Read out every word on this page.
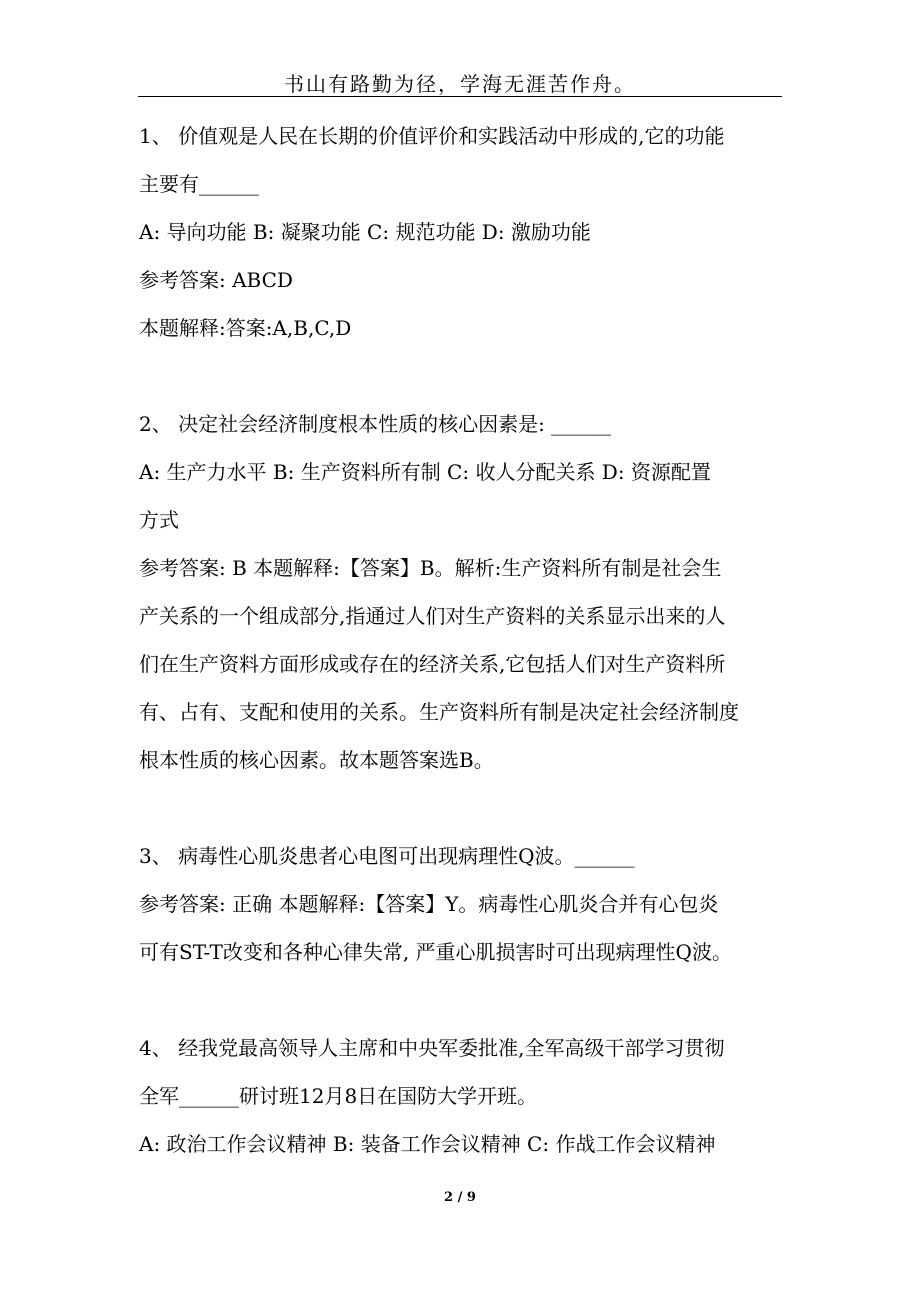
书山有路勤为径，学海无涯苦作舟。
1、 价值观是人民在长期的价值评价和实践活动中形成的,它的功能
主要有______
A: 导向功能 B: 凝聚功能 C: 规范功能 D: 激励功能
参考答案: ABCD
本题解释:答案:A,B,C,D
2、 决定社会经济制度根本性质的核心因素是: ______
A: 生产力水平 B: 生产资料所有制 C: 收人分配关系 D: 资源配置
方式
参考答案: B 本题解释:【答案】B。解析:生产资料所有制是社会生
产关系的一个组成部分,指通过人们对生产资料的关系显示出来的人
们在生产资料方面形成或存在的经济关系,它包括人们对生产资料所
有、占有、支配和使用的关系。生产资料所有制是决定社会经济制度
根本性质的核心因素。故本题答案选B。
3、 病毒性心肌炎患者心电图可出现病理性Q波。______
参考答案: 正确 本题解释:【答案】Y。病毒性心肌炎合并有心包炎
可有ST-T改变和各种心律失常, 严重心肌损害时可出现病理性Q波。
4、 经我党最高领导人主席和中央军委批准,全军高级干部学习贯彻
全军______研讨班12月8日在国防大学开班。
A: 政治工作会议精神 B: 装备工作会议精神 C: 作战工作会议精神
2 / 9
